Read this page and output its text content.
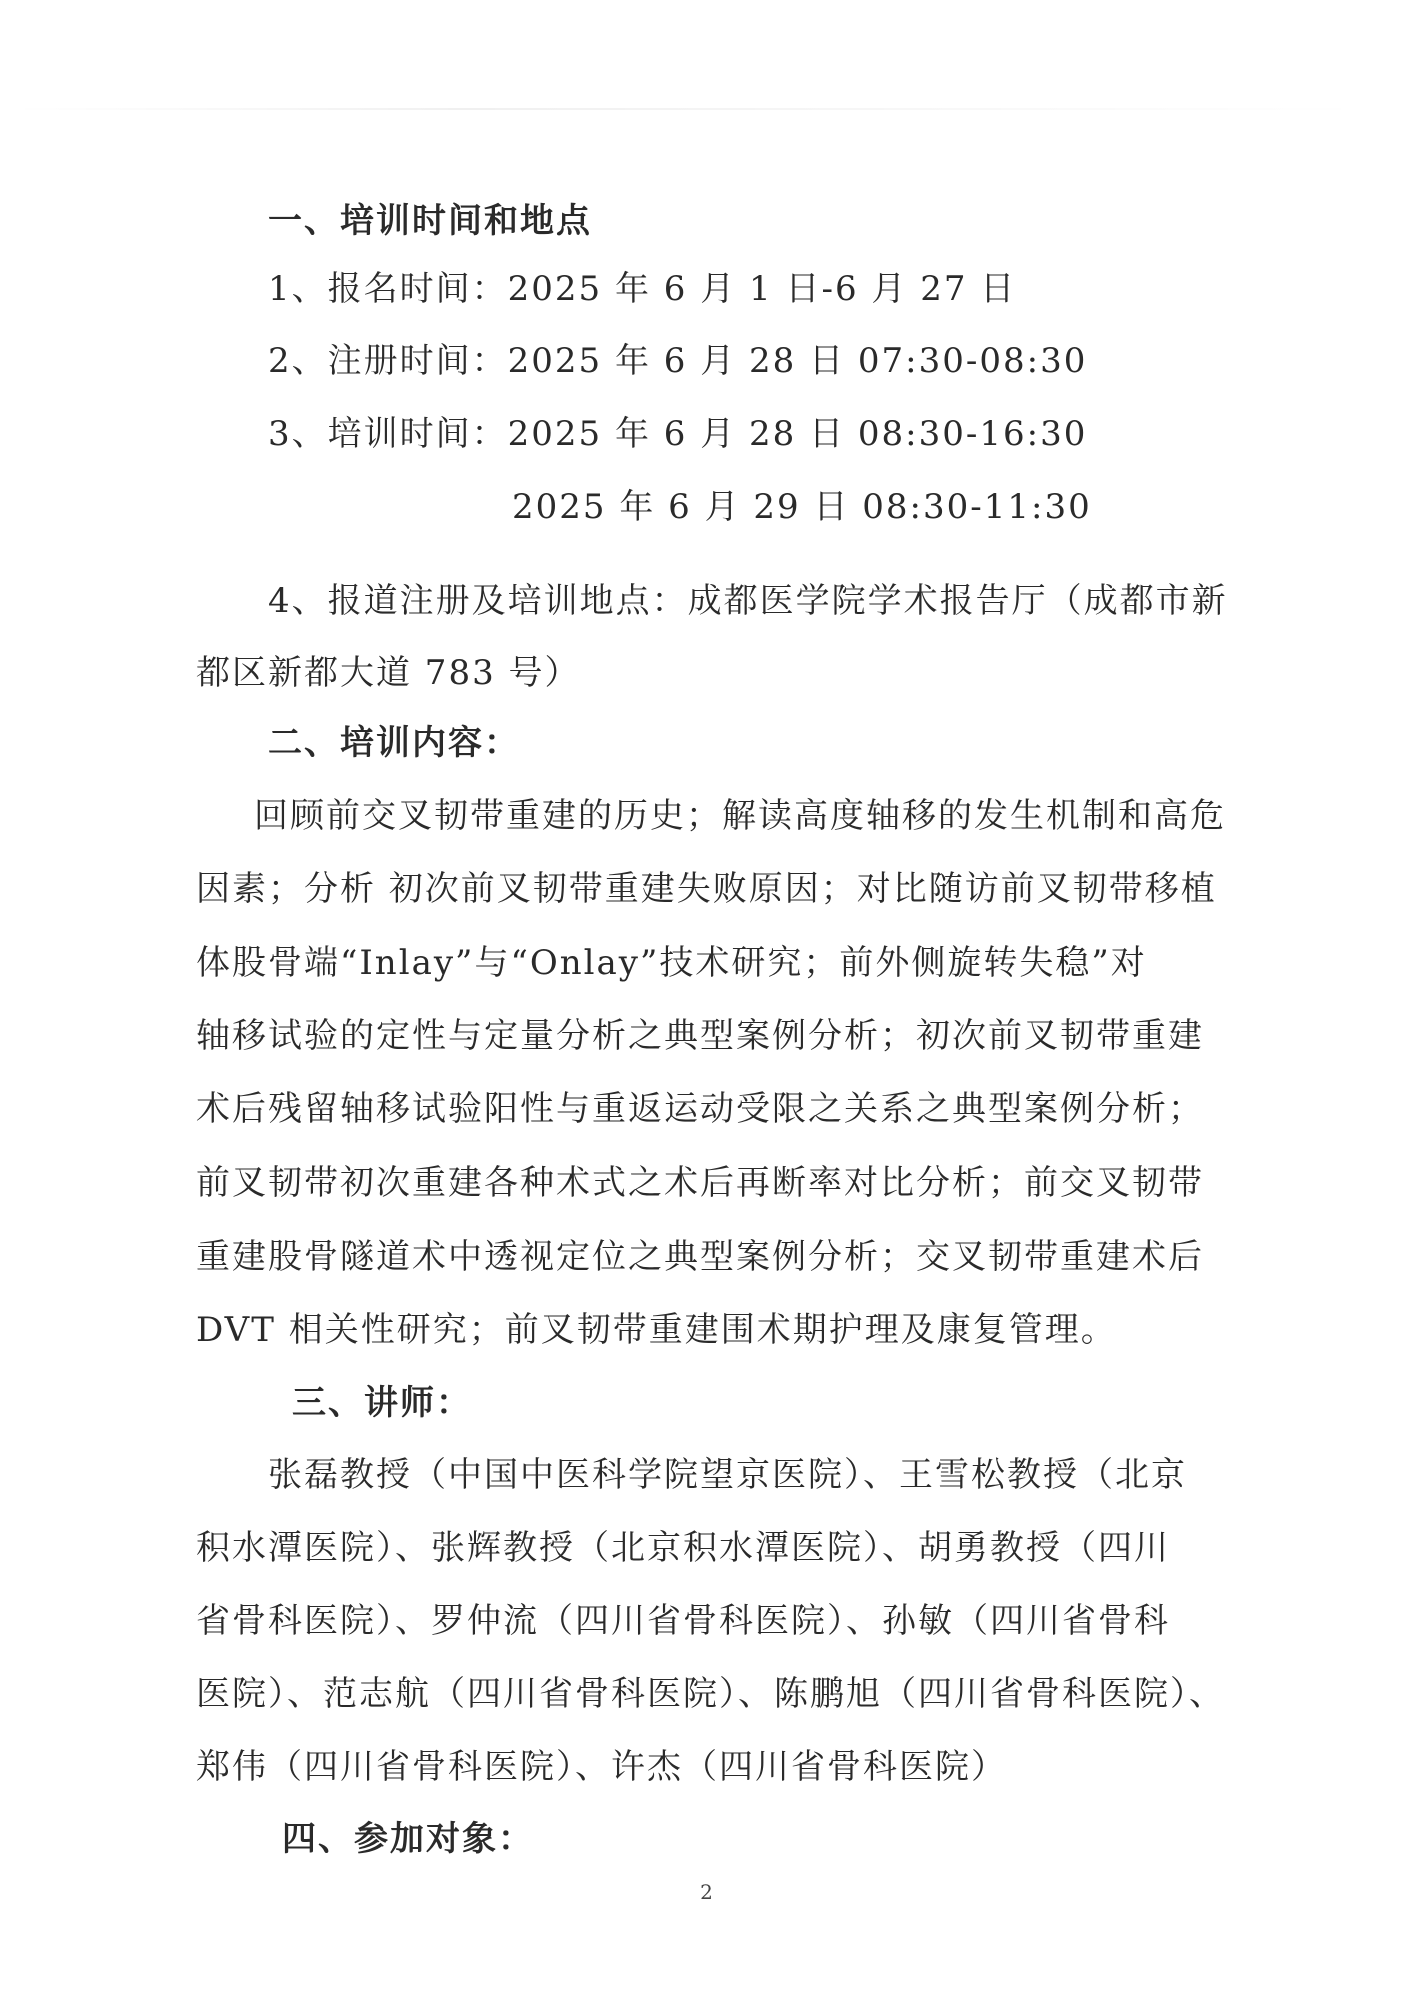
一、培训时间和地点

1、报名时间：2025 年 6 月 1 日-6 月 27 日

2、注册时间：2025 年 6 月 28 日 07:30-08:30

3、培训时间：2025 年 6 月 28 日 08:30-16:30

2025 年 6 月 29 日 08:30-11:30

4、报道注册及培训地点：成都医学院学术报告厅（成都市新

都区新都大道 783 号）

二、培训内容：

回顾前交叉韧带重建的历史；解读高度轴移的发生机制和高危

因素；分析 初次前叉韧带重建失败原因；对比随访前叉韧带移植

体股骨端“Inlay”与“Onlay”技术研究；前外侧旋转失稳”对

轴移试验的定性与定量分析之典型案例分析；初次前叉韧带重建

术后残留轴移试验阳性与重返运动受限之关系之典型案例分析；

前叉韧带初次重建各种术式之术后再断率对比分析；前交叉韧带

重建股骨隧道术中透视定位之典型案例分析；交叉韧带重建术后

DVT 相关性研究；前叉韧带重建围术期护理及康复管理。

三、讲师：

张磊教授（中国中医科学院望京医院）、王雪松教授（北京

积水潭医院）、张辉教授（北京积水潭医院）、胡勇教授（四川

省骨科医院）、罗仲流（四川省骨科医院）、孙敏（四川省骨科

医院）、范志航（四川省骨科医院）、陈鹏旭（四川省骨科医院）、

郑伟（四川省骨科医院）、许杰（四川省骨科医院）

四、参加对象：

2
